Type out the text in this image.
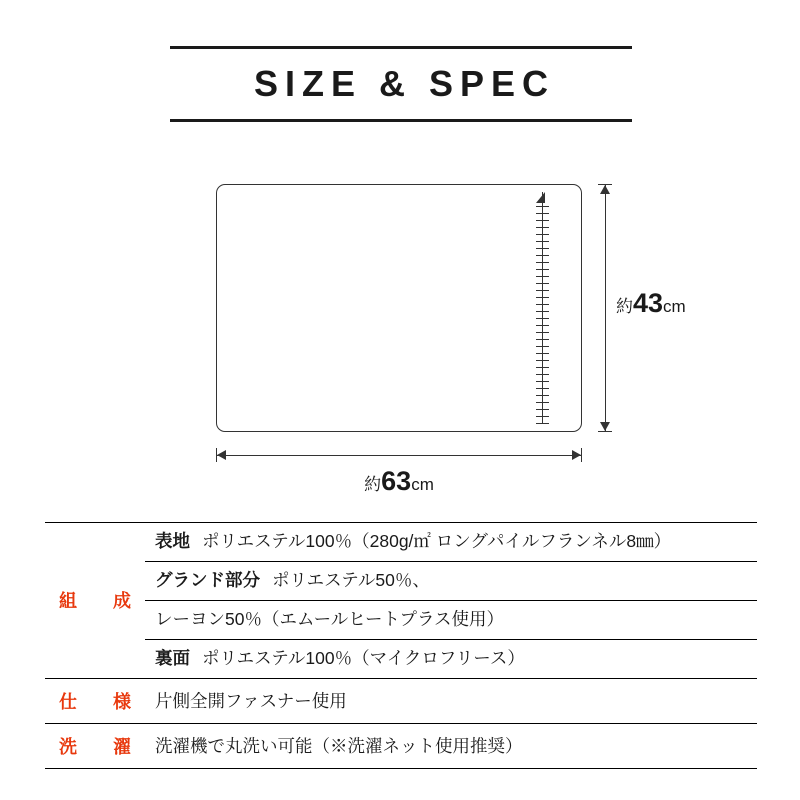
SIZE & SPEC
約43cm
約63cm
組　成
表地 ポリエステル100％（280g/㎡ ロングパイルフランネル8㎜）
グランド部分 ポリエステル50％、
レーヨン50％（エムールヒートプラス使用）
裏面 ポリエステル100％（マイクロフリース）
仕　様 片側全開ファスナー使用
洗　濯 洗濯機で丸洗い可能（※洗濯ネット使用推奨）
